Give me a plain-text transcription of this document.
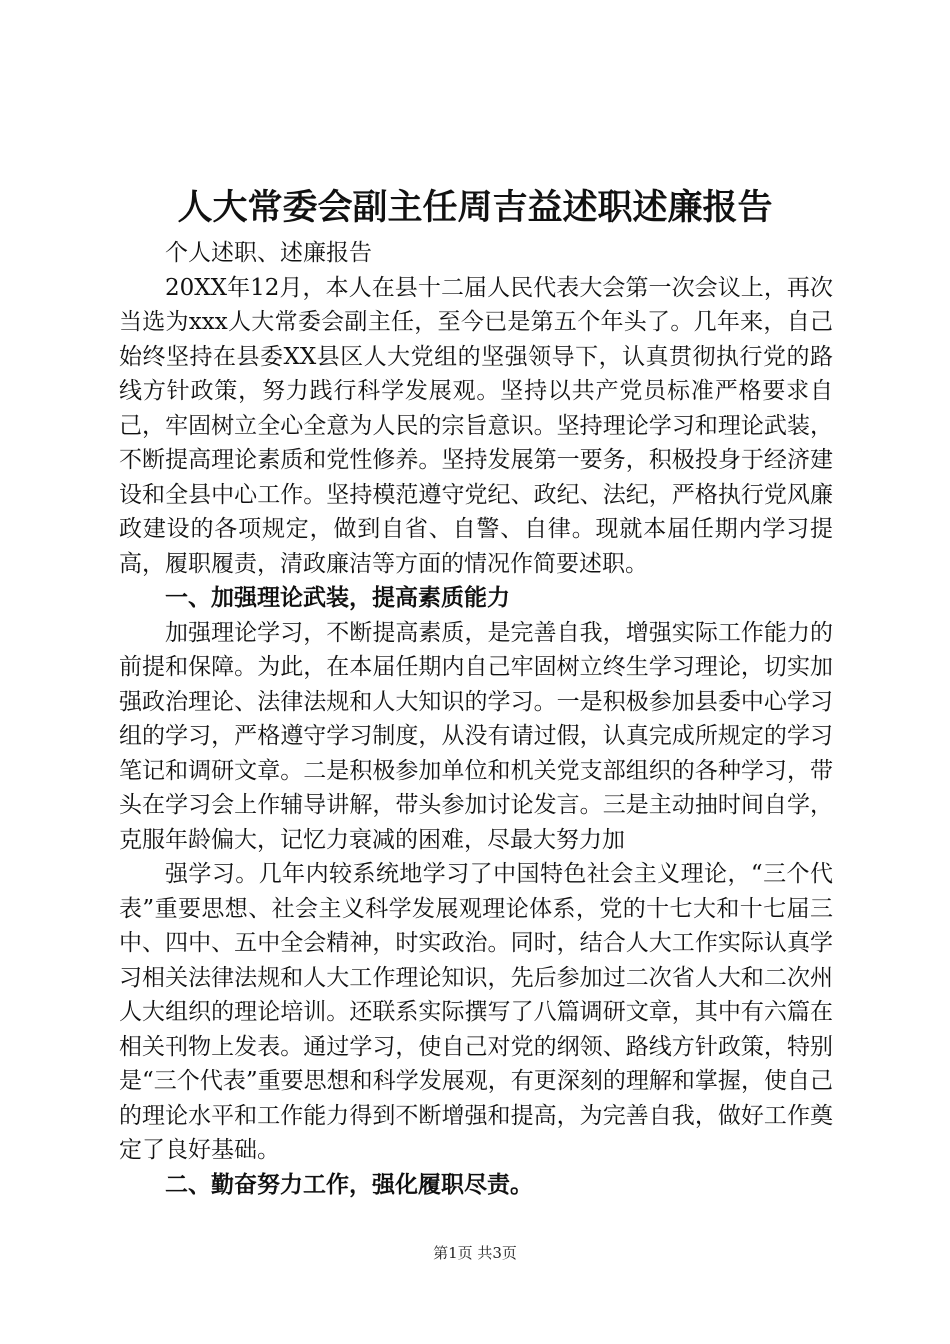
人大常委会副主任周吉益述职述廉报告

个人述职、述廉报告

20XX年12月，本人在县十二届人民代表大会第一次会议上，再次当选为xxx人大常委会副主任，至今已是第五个年头了。几年来，自己始终坚持在县委XX县区人大党组的坚强领导下，认真贯彻执行党的路线方针政策，努力践行科学发展观。坚持以共产党员标准严格要求自己，牢固树立全心全意为人民的宗旨意识。坚持理论学习和理论武装，不断提高理论素质和党性修养。坚持发展第一要务，积极投身于经济建设和全县中心工作。坚持模范遵守党纪、政纪、法纪，严格执行党风廉政建设的各项规定，做到自省、自警、自律。现就本届任期内学习提高，履职履责，清政廉洁等方面的情况作简要述职。

一、加强理论武装，提高素质能力

加强理论学习，不断提高素质，是完善自我，增强实际工作能力的前提和保障。为此，在本届任期内自己牢固树立终生学习理论，切实加强政治理论、法律法规和人大知识的学习。一是积极参加县委中心学习组的学习，严格遵守学习制度，从没有请过假，认真完成所规定的学习笔记和调研文章。二是积极参加单位和机关党支部组织的各种学习，带头在学习会上作辅导讲解，带头参加讨论发言。三是主动抽时间自学，克服年龄偏大，记忆力衰减的困难，尽最大努力加

强学习。几年内较系统地学习了中国特色社会主义理论，“三个代表”重要思想、社会主义科学发展观理论体系，党的十七大和十七届三中、四中、五中全会精神，时实政治。同时，结合人大工作实际认真学习相关法律法规和人大工作理论知识，先后参加过二次省人大和二次州人大组织的理论培训。还联系实际撰写了八篇调研文章，其中有六篇在相关刊物上发表。通过学习，使自己对党的纲领、路线方针政策，特别是“三个代表”重要思想和科学发展观，有更深刻的理解和掌握，使自己的理论水平和工作能力得到不断增强和提高，为完善自我，做好工作奠定了良好基础。

二、勤奋努力工作，强化履职尽责。

第1页 共3页
